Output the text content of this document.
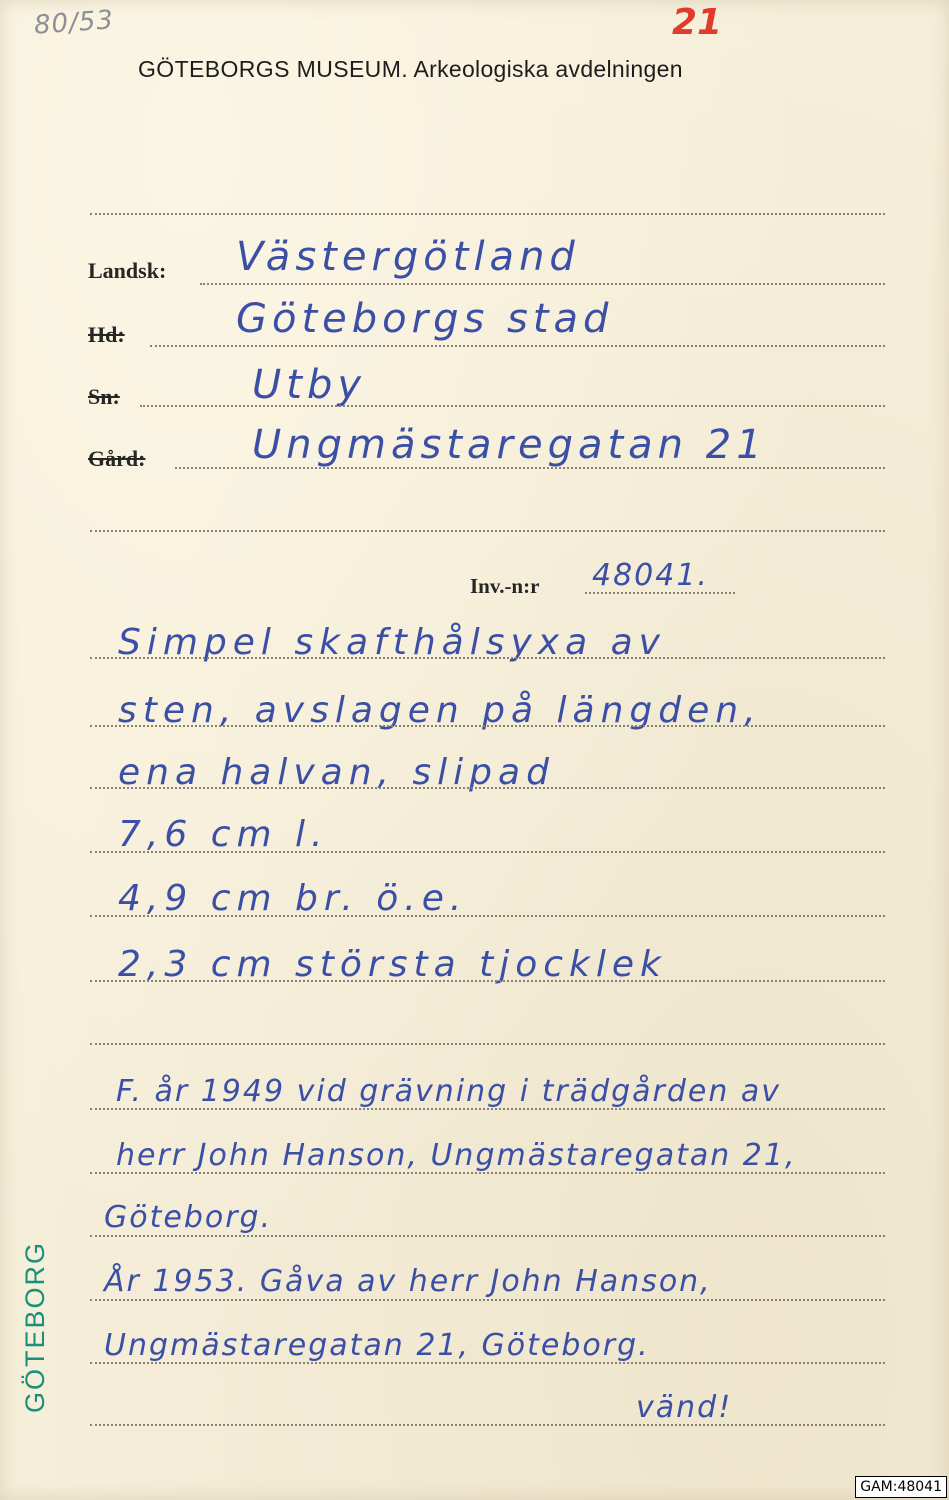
80/53	21
GÖTEBORGS MUSEUM. Arkeologiska avdelningen
Landsk: Västergötland
Hd:	Göteborgs stad
Sn:	Utby
Gård:	Ungmästaregatan 21
Inv.-n:r 48041.
Simpel skafthålsyxa av
sten, avslagen på längden,
ena halvan, slipad
7,6 cm l.
4,9 cm br. ö.e.
2,3 cm största tjocklek
F. år 1949 vid grävning i trädgården av
herr John Hanson, Ungmästaregatan 21,
Göteborg.
År 1953. Gåva av herr John Hanson,
Ungmästaregatan 21, Göteborg.
vänd!
GÖTEBORG
GAM:48041
